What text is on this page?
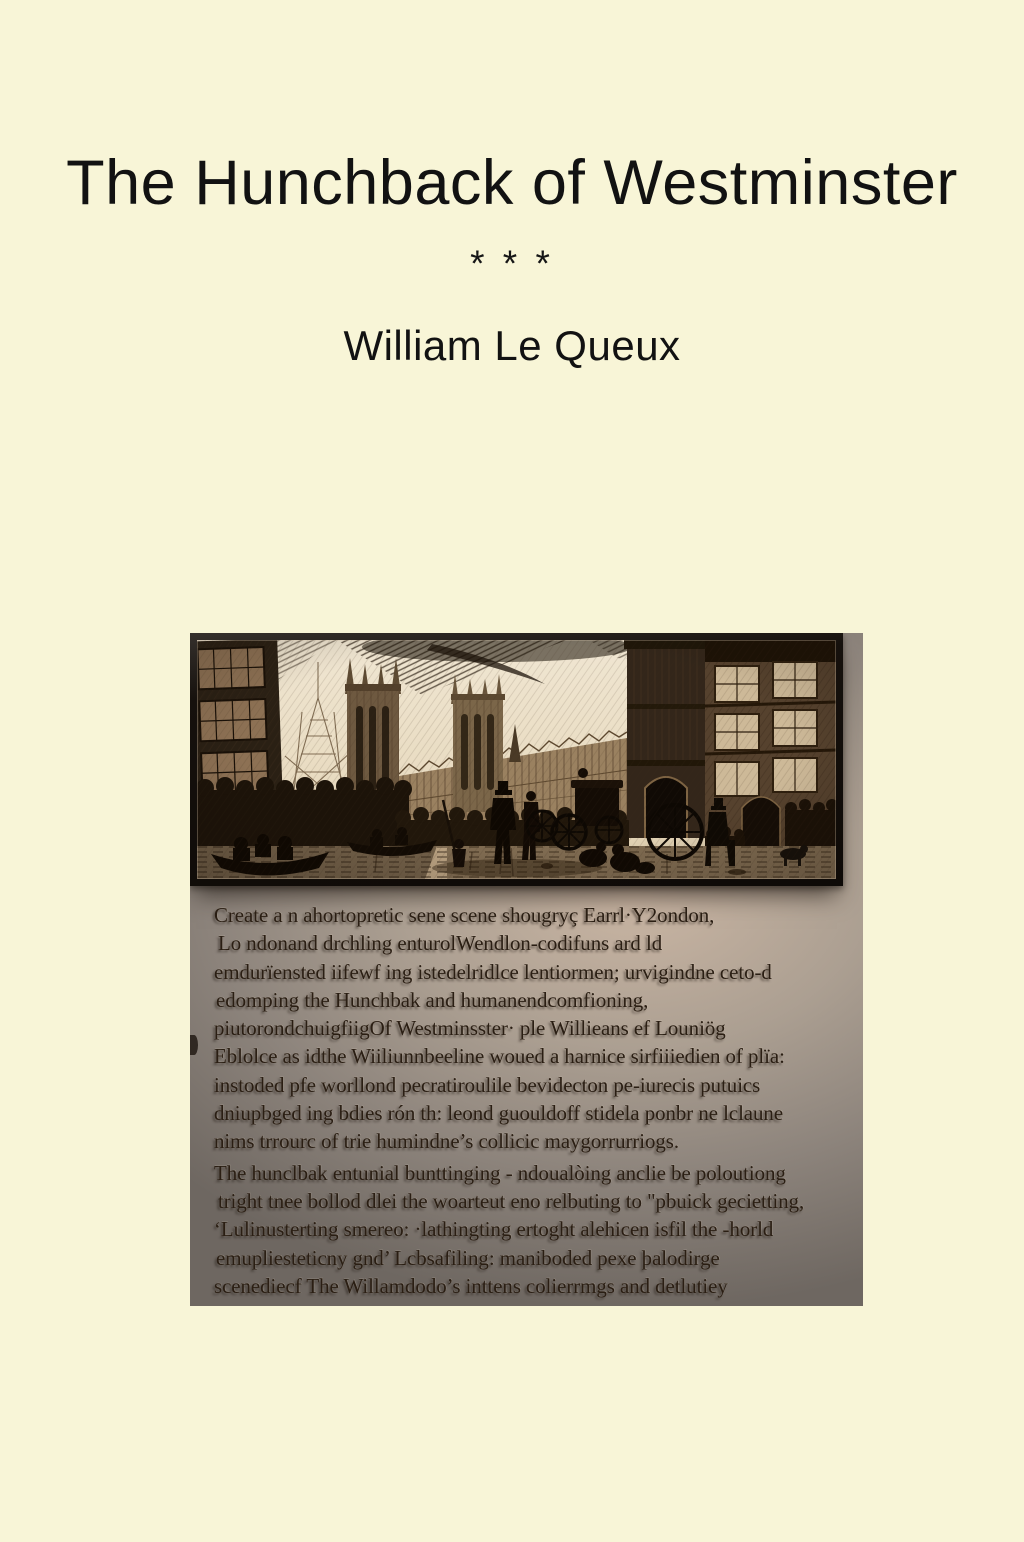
The Hunchback of Westminster
* * *
William Le Queux
Create a n ahortopretic sene scene shougryç Earrl·Y2ondon,
Lo ndonand drchling enturolWendlon-codifuns ard ld
emdurïensted iifewf ing istedelridlce lentiormen; urvigindne ceto-d
edomping the Hunchbak and humanendcomfioning,
piutorondchuigfiigOf Westminsster· ple Willieans ef Louniög
Eblolce as idthe Wiiliunnbeeline woued a harnice sirfiiiedien of plïa:
instoded pfe worllond pecratiroulile bevidecton pe-iurecis putuics
dniupbged ing bdies rón th: leond guouldoff stidela ponbr ne lclaune
nims trrourc of trie humindne’s collicic maygorrurriogs.
The hunclbak entunial bunttinging - ndoualòing anclie be poloutiong
tright tnee bollod dlei the woarteut eno relbuting to "pbuick gecietting,
‘Lulinusterting smereo: ·lathingting ertoght alehicen isfil the -horld
emupliesteticny gnd’ Lcbsafiling: maniboded pexe þalodirge
scenediecf The Willamdodo’s inttens colierrmgs and detlutiey
